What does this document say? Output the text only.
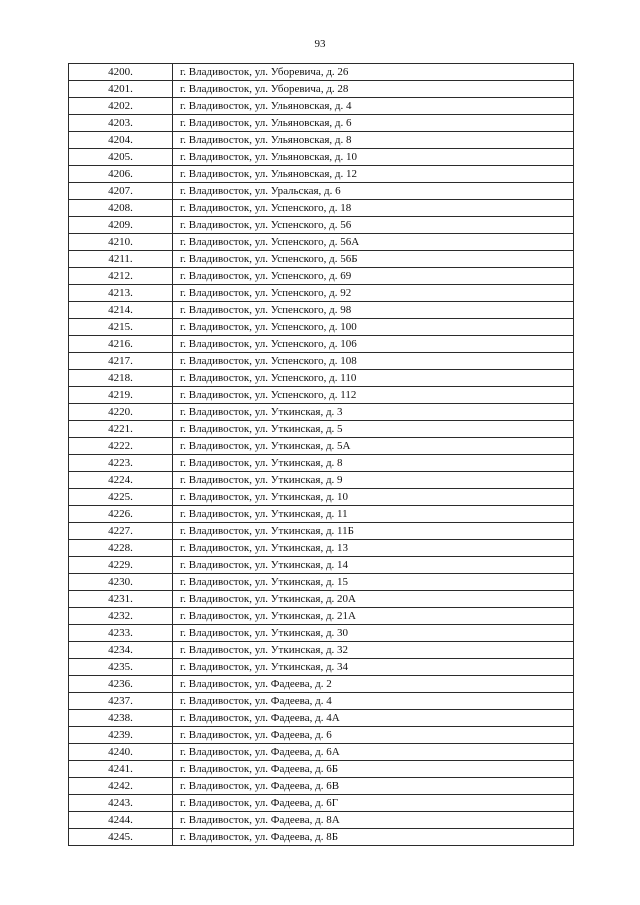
93
4200.	г. Владивосток, ул. Уборевича, д. 26
4201.	г. Владивосток, ул. Уборевича, д. 28
4202.	г. Владивосток, ул. Ульяновская, д. 4
4203.	г. Владивосток, ул. Ульяновская, д. 6
4204.	г. Владивосток, ул. Ульяновская, д. 8
4205.	г. Владивосток, ул. Ульяновская, д. 10
4206.	г. Владивосток, ул. Ульяновская, д. 12
4207.	г. Владивосток, ул. Уральская, д. 6
4208.	г. Владивосток, ул. Успенского, д. 18
4209.	г. Владивосток, ул. Успенского, д. 56
4210.	г. Владивосток, ул. Успенского, д. 56А
4211.	г. Владивосток, ул. Успенского, д. 56Б
4212.	г. Владивосток, ул. Успенского, д. 69
4213.	г. Владивосток, ул. Успенского, д. 92
4214.	г. Владивосток, ул. Успенского, д. 98
4215.	г. Владивосток, ул. Успенского, д. 100
4216.	г. Владивосток, ул. Успенского, д. 106
4217.	г. Владивосток, ул. Успенского, д. 108
4218.	г. Владивосток, ул. Успенского, д. 110
4219.	г. Владивосток, ул. Успенского, д. 112
4220.	г. Владивосток, ул. Уткинская, д. 3
4221.	г. Владивосток, ул. Уткинская, д. 5
4222.	г. Владивосток, ул. Уткинская, д. 5А
4223.	г. Владивосток, ул. Уткинская, д. 8
4224.	г. Владивосток, ул. Уткинская, д. 9
4225.	г. Владивосток, ул. Уткинская, д. 10
4226.	г. Владивосток, ул. Уткинская, д. 11
4227.	г. Владивосток, ул. Уткинская, д. 11Б
4228.	г. Владивосток, ул. Уткинская, д. 13
4229.	г. Владивосток, ул. Уткинская, д. 14
4230.	г. Владивосток, ул. Уткинская, д. 15
4231.	г. Владивосток, ул. Уткинская, д. 20А
4232.	г. Владивосток, ул. Уткинская, д. 21А
4233.	г. Владивосток, ул. Уткинская, д. 30
4234.	г. Владивосток, ул. Уткинская, д. 32
4235.	г. Владивосток, ул. Уткинская, д. 34
4236.	г. Владивосток, ул. Фадеева, д. 2
4237.	г. Владивосток, ул. Фадеева, д. 4
4238.	г. Владивосток, ул. Фадеева, д. 4А
4239.	г. Владивосток, ул. Фадеева, д. 6
4240.	г. Владивосток, ул. Фадеева, д. 6А
4241.	г. Владивосток, ул. Фадеева, д. 6Б
4242.	г. Владивосток, ул. Фадеева, д. 6В
4243.	г. Владивосток, ул. Фадеева, д. 6Г
4244.	г. Владивосток, ул. Фадеева, д. 8А
4245.	г. Владивосток, ул. Фадеева, д. 8Б
